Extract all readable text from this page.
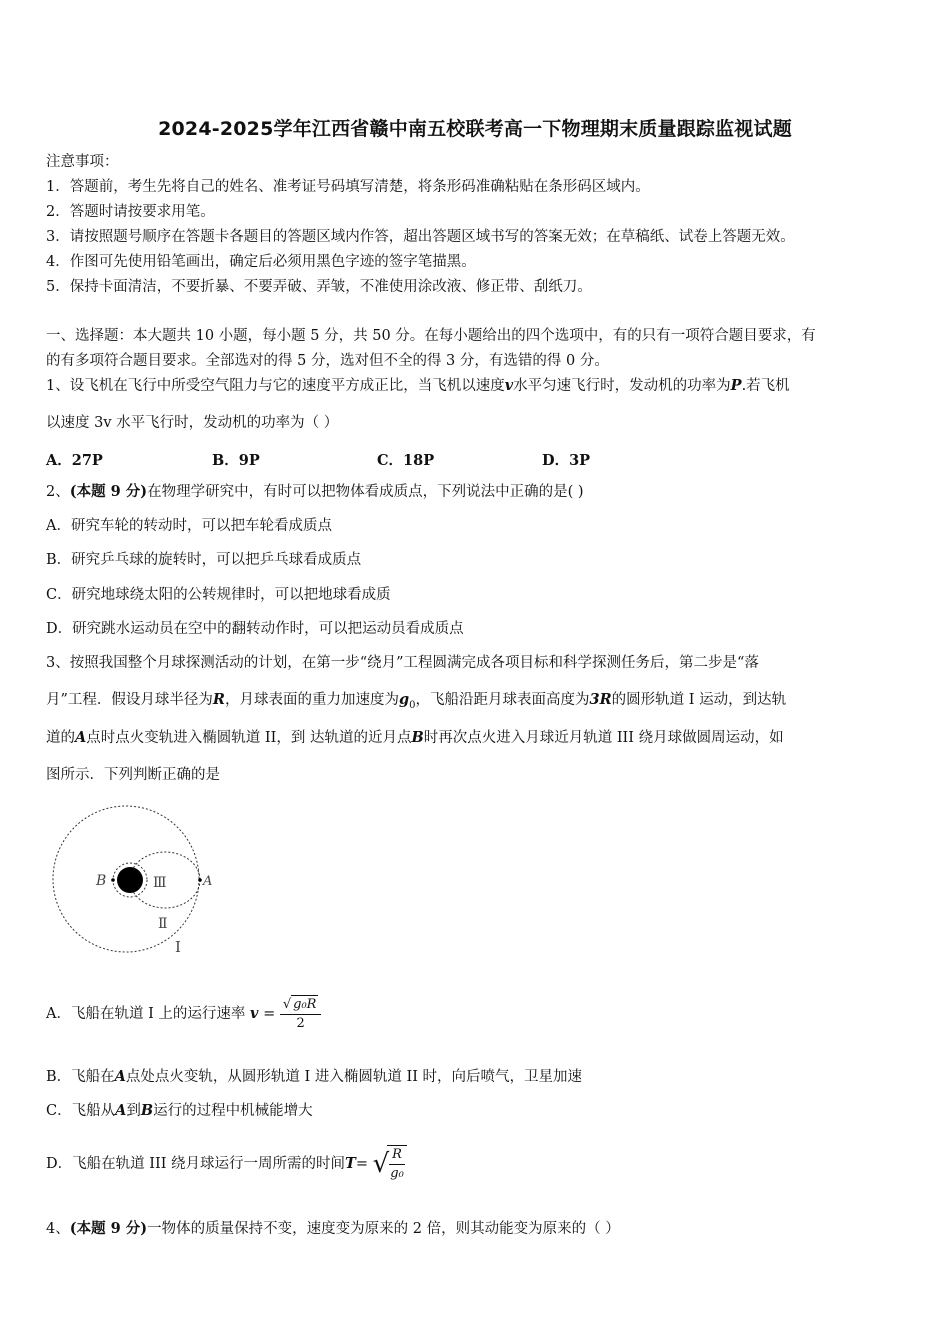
2024-2025学年江西省赣中南五校联考高一下物理期末质量跟踪监视试题
注意事项：
1．答题前，考生先将自己的姓名、准考证号码填写清楚，将条形码准确粘贴在条形码区域内。
2．答题时请按要求用笔。
3．请按照题号顺序在答题卡各题目的答题区域内作答，超出答题区域书写的答案无效；在草稿纸、试卷上答题无效。
4．作图可先使用铅笔画出，确定后必须用黑色字迹的签字笔描黑。
5．保持卡面清洁，不要折暴、不要弄破、弄皱，不准使用涂改液、修正带、刮纸刀。
一、选择题：本大题共 10 小题，每小题 5 分，共 50 分。在每小题给出的四个选项中，有的只有一项符合题目要求，有
的有多项符合题目要求。全部选对的得 5 分，选对但不全的得 3 分，有选错的得 0 分。
1、设飞机在飞行中所受空气阻力与它的速度平方成正比，当飞机以速度v水平匀速飞行时，发动机的功率为P.若飞机
以速度 3v 水平飞行时，发动机的功率为（ ）
A．27P	B．9P	C．18P	D．3P
2、(本题 9 分)在物理学研究中，有时可以把物体看成质点，下列说法中正确的是( )
A．研究车轮的转动时，可以把车轮看成质点
B．研究乒乓球的旋转时，可以把乒乓球看成质点
C．研究地球绕太阳的公转规律时，可以把地球看成质
D．研究跳水运动员在空中的翻转动作时，可以把运动员看成质点
3、按照我国整个月球探测活动的计划，在第一步“绕月”工程圆满完成各项目标和科学探测任务后，第二步是“落
月”工程．假设月球半径为R，月球表面的重力加速度为$g_0$，飞船沿距月球表面高度为3R的圆形轨道 I 运动，到达轨
道的A点时点火变轨进入椭圆轨道 II，到 达轨道的近月点B时再次点火进入月球近月轨道 III 绕月球做圆周运动，如
图所示．下列判断正确的是
B	A
Ⅲ
Ⅱ
I
A．飞船在轨道 I 上的运行速率 $v = \frac{\text{√ g₀R}}{2}$
B．飞船在A点处点火变轨，从圆形轨道 I 进入椭圆轨道 II 时，向后喷气，卫星加速
C．飞船从A到B运行的过程中机械能增大
D．飞船在轨道 III 绕月球运行一周所需的时间T= √
$\frac{R}{\text{g₀}}$
4、(本题 9 分)一物体的质量保持不变，速度变为原来的 2 倍，则其动能变为原来的（ ）
